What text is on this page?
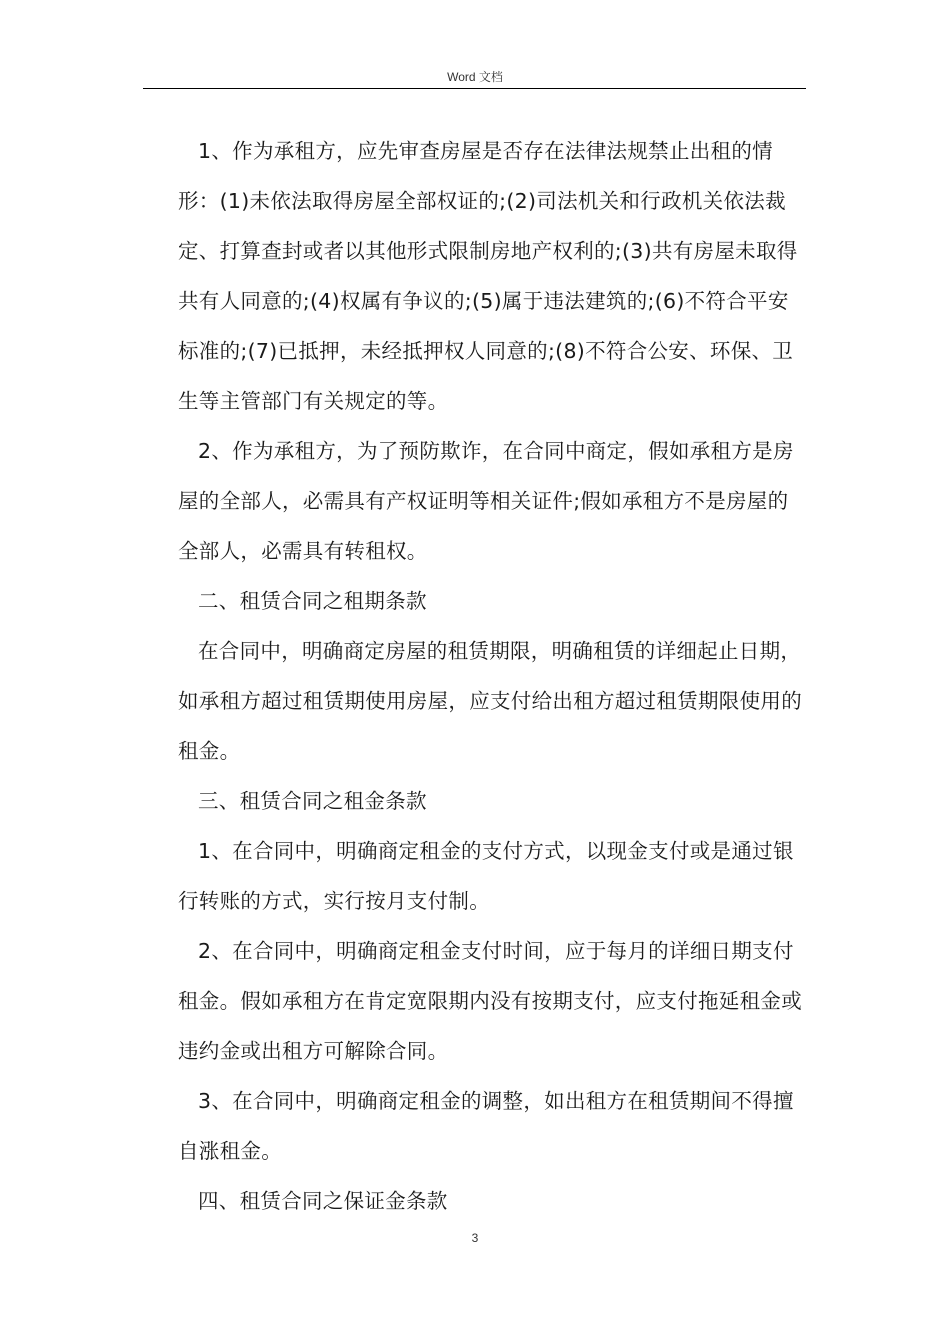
Word 文档

1、作为承租方，应先审查房屋是否存在法律法规禁止出租的情形：(1)未依法取得房屋全部权证的;(2)司法机关和行政机关依法裁定、打算查封或者以其他形式限制房地产权利的;(3)共有房屋未取得共有人同意的;(4)权属有争议的;(5)属于违法建筑的;(6)不符合平安标准的;(7)已抵押，未经抵押权人同意的;(8)不符合公安、环保、卫生等主管部门有关规定的等。

2、作为承租方，为了预防欺诈，在合同中商定，假如承租方是房屋的全部人，必需具有产权证明等相关证件;假如承租方不是房屋的全部人，必需具有转租权。

二、租赁合同之租期条款

在合同中，明确商定房屋的租赁期限，明确租赁的详细起止日期，如承租方超过租赁期使用房屋，应支付给出租方超过租赁期限使用的租金。

三、租赁合同之租金条款

1、在合同中，明确商定租金的支付方式，以现金支付或是通过银行转账的方式，实行按月支付制。

2、在合同中，明确商定租金支付时间，应于每月的详细日期支付租金。假如承租方在肯定宽限期内没有按期支付，应支付拖延租金或违约金或出租方可解除合同。

3、在合同中，明确商定租金的调整，如出租方在租赁期间不得擅自涨租金。

四、租赁合同之保证金条款

3
